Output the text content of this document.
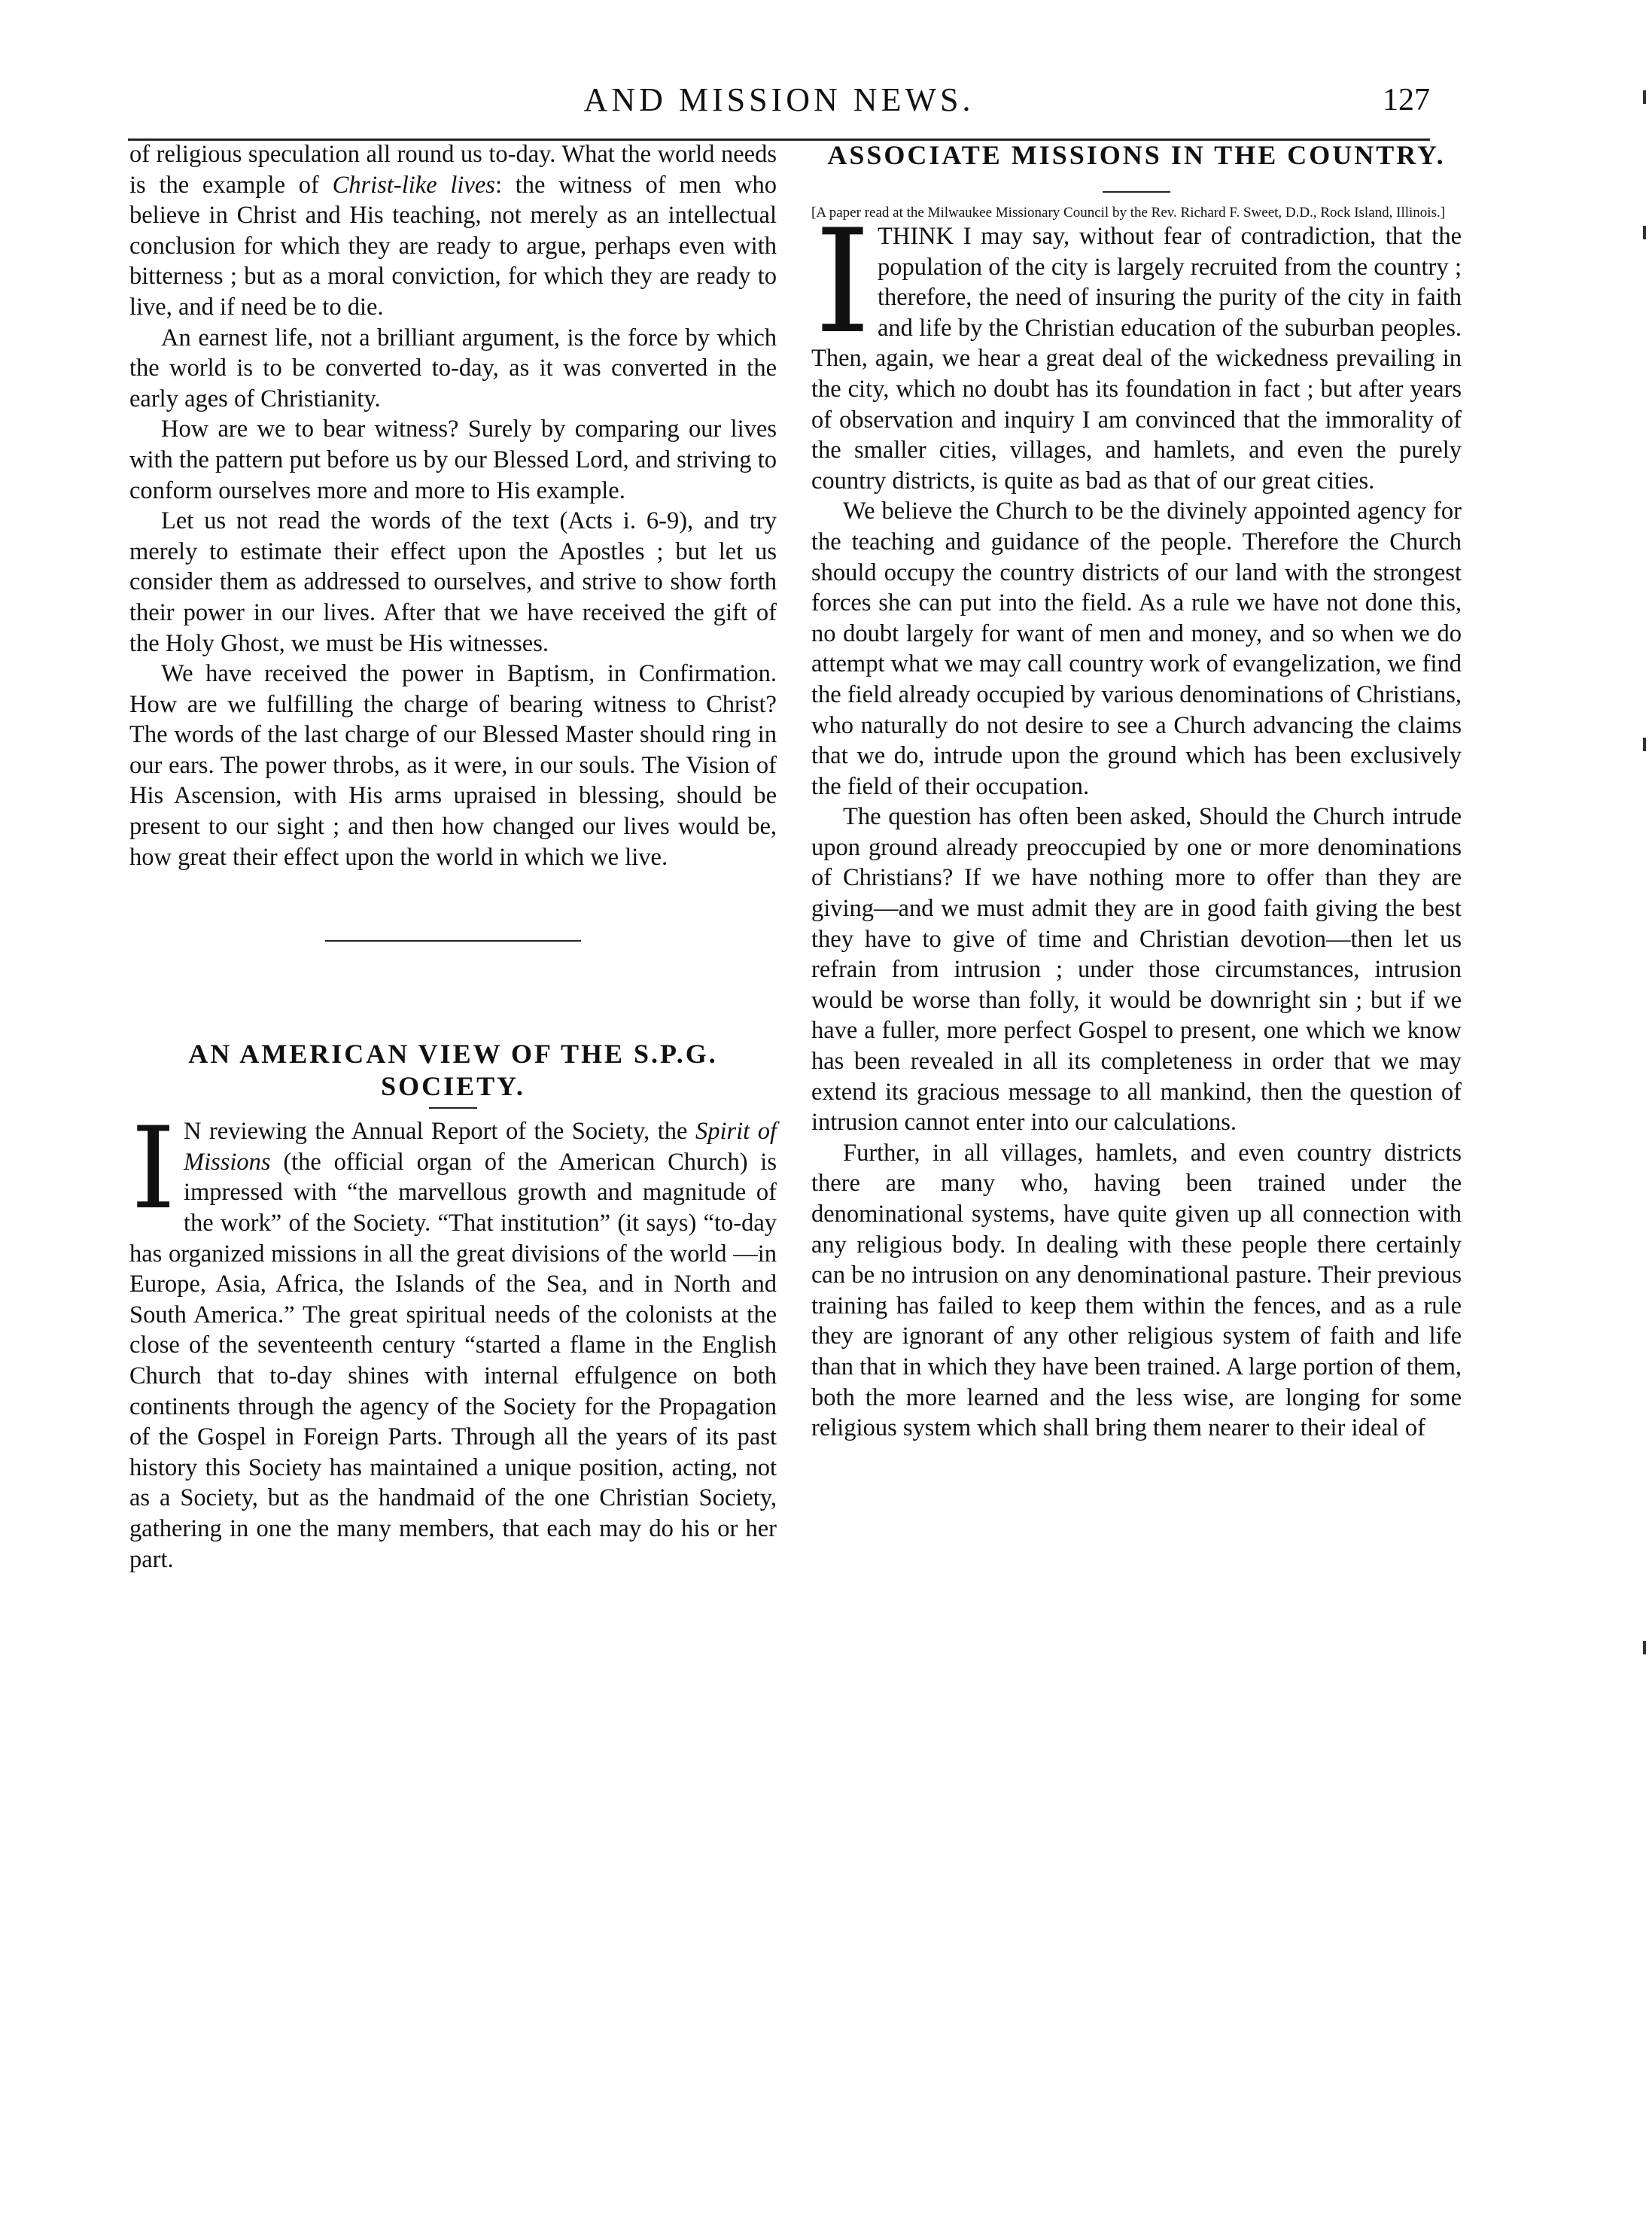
AND MISSION NEWS.	127

of religious speculation all round us to-day. What the world needs is the example of Christ-like lives: the witness of men who believe in Christ and His teaching, not merely as an intellectual conclusion for which they are ready to argue, perhaps even with bitterness ; but as a moral conviction, for which they are ready to live, and if need be to die.

An earnest life, not a brilliant argument, is the force by which the world is to be converted to-day, as it was converted in the early ages of Christianity.

How are we to bear witness? Surely by comparing our lives with the pattern put before us by our Blessed Lord, and striving to conform ourselves more and more to His example.

Let us not read the words of the text (Acts i. 6-9), and try merely to estimate their effect upon the Apostles ; but let us consider them as addressed to ourselves, and strive to show forth their power in our lives. After that we have received the gift of the Holy Ghost, we must be His witnesses.

We have received the power in Baptism, in Confirmation. How are we fulfilling the charge of bearing witness to Christ? The words of the last charge of our Blessed Master should ring in our ears. The power throbs, as it were, in our souls. The Vision of His Ascension, with His arms upraised in blessing, should be present to our sight ; and then how changed our lives would be, how great their effect upon the world in which we live.

AN AMERICAN VIEW OF THE S.P.G. SOCIETY.

I N reviewing the Annual Report of the Society, the Spirit of Missions (the official organ of the American Church) is impressed with “the marvellous growth and magnitude of the work” of the Society. “That institution” (it says) “to-day has organized missions in all the great divisions of the world —in Europe, Asia, Africa, the Islands of the Sea, and in North and South America.” The great spiritual needs of the colonists at the close of the seventeenth century “started a flame in the English Church that to-day shines with internal effulgence on both continents through the agency of the Society for the Propagation of the Gospel in Foreign Parts. Through all the years of its past history this Society has maintained a unique position, acting, not as a Society, but as the handmaid of the one Christian Society, gathering in one the many members, that each may do his or her part.

ASSOCIATE MISSIONS IN THE COUNTRY.

[A paper read at the Milwaukee Missionary Council by the Rev. Richard F. Sweet, D.D., Rock Island, Illinois.]

ITHINK I may say, without fear of contradiction, that the population of the city is largely recruited from the country ; therefore, the need of insuring the purity of the city in faith and life by the Christian education of the suburban peoples. Then, again, we hear a great deal of the wickedness prevailing in the city, which no doubt has its foundation in fact ; but after years of observation and inquiry I am convinced that the immorality of the smaller cities, villages, and hamlets, and even the purely country districts, is quite as bad as that of our great cities.

We believe the Church to be the divinely appointed agency for the teaching and guidance of the people. Therefore the Church should occupy the country districts of our land with the strongest forces she can put into the field. As a rule we have not done this, no doubt largely for want of men and money, and so when we do attempt what we may call country work of evangelization, we find the field already occupied by various denominations of Christians, who naturally do not desire to see a Church advancing the claims that we do, intrude upon the ground which has been exclusively the field of their occupation.

The question has often been asked, Should the Church intrude upon ground already preoccupied by one or more denominations of Christians? If we have nothing more to offer than they are giving—and we must admit they are in good faith giving the best they have to give of time and Christian devotion—then let us refrain from intrusion ; under those circumstances, intrusion would be worse than folly, it would be downright sin ; but if we have a fuller, more perfect Gospel to present, one which we know has been revealed in all its completeness in order that we may extend its gracious message to all mankind, then the question of intrusion cannot enter into our calculations.

Further, in all villages, hamlets, and even country districts there are many who, having been trained under the denominational systems, have quite given up all connection with any religious body. In dealing with these people there certainly can be no intrusion on any denominational pasture. Their previous training has failed to keep them within the fences, and as a rule they are ignorant of any other religious system of faith and life than that in which they have been trained. A large portion of them, both the more learned and the less wise, are longing for some religious system which shall bring them nearer to their ideal of
